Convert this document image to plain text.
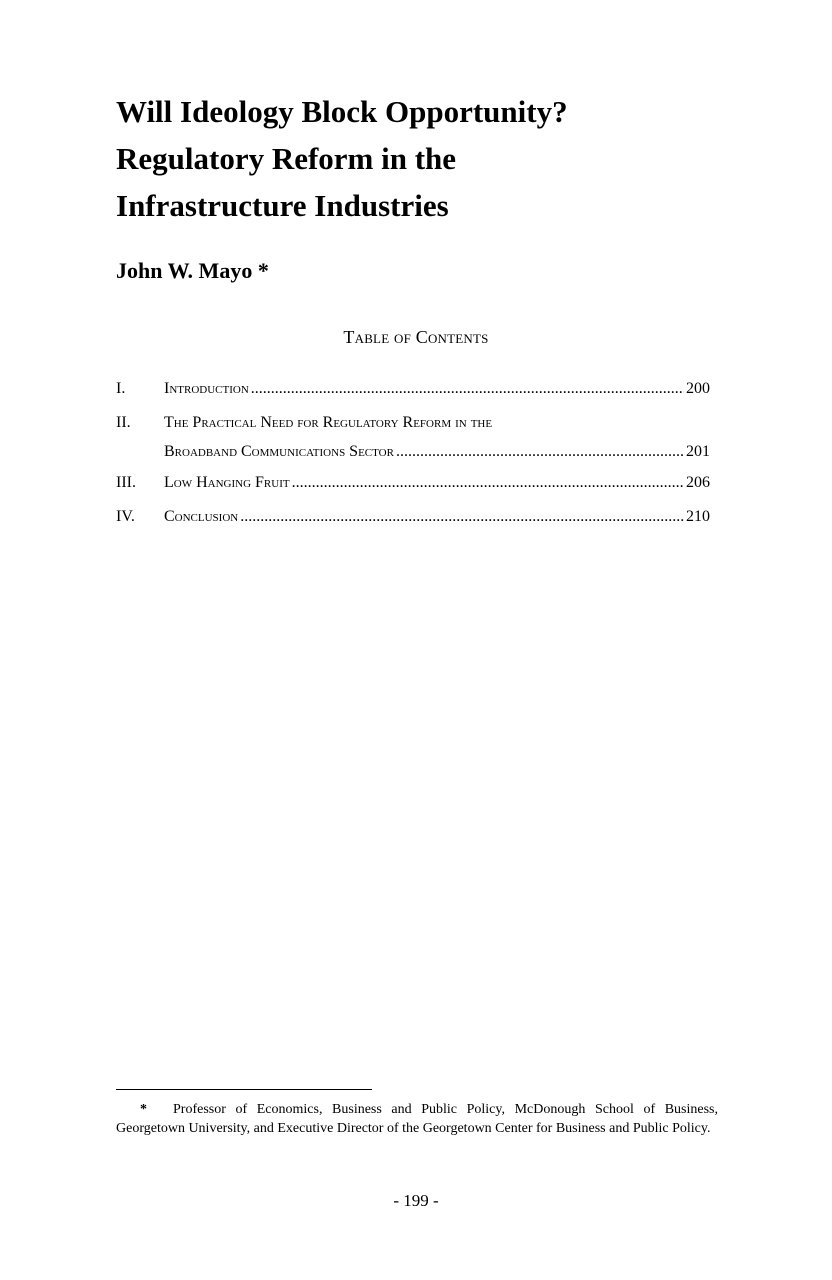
Will Ideology Block Opportunity?
Regulatory Reform in the
Infrastructure Industries

John W. Mayo *

Table of Contents
I. Introduction .....	200
II. The Practical Need for Regulatory Reform in the
Broadband Communications Sector .....	201
III. Low Hanging Fruit .....	206
IV. Conclusion .....	210

* Professor of Economics, Business and Public Policy, McDonough School of Business, Georgetown University, and Executive Director of the Georgetown Center for Business and Public Policy.

- 199 -
